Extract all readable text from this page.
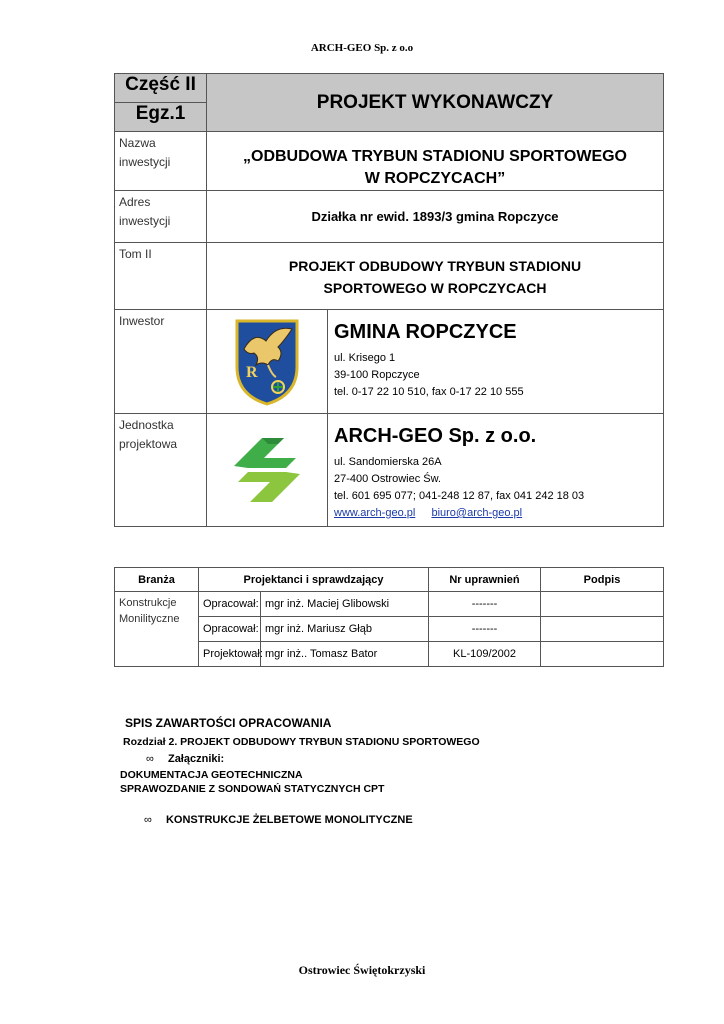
ARCH-GEO Sp. z o.o
Część II	PROJEKT WYKONAWCZY
Egz.1	
Nazwa inwestycji	„ODBUDOWA TRYBUN STADIONU SPORTOWEGO
W ROPCZYCACH”

Adres inwestycji	Działka nr ewid. 1893/3 gmina Ropczyce
Tom II	PROJEKT ODBUDOWY TRYBUN STADIONU
SPORTOWEGO W ROPCZYCACH

Inwestor	R
GMINA ROPCZYCE
ul. Krisego 1
39-100 Ropczyce
tel. 0-17 22 10 510, fax 0-17 22 10 555

Jednostka projektowa	ARCH-GEO Sp. z o.o.
ul. Sandomierska 26A
27-400 Ostrowiec Św.
tel. 601 695 077; 041-248 12 87, fax 041 242 18 03
www.arch-geo.pl biuro@arch-geo.pl
Branża	Projektanci i sprawdzający		Nr uprawnień	Podpis
Konstrukcje Monilityczne	Opracował:	mgr inż. Maciej Glibowski	-------	
	Opracował:	mgr inż. Mariusz Głąb	-------	
	Projektował:	mgr inż.. Tomasz Bator	KL-109/2002	
SPIS ZAWARTOŚCI OPRACOWANIA
Rozdział 2. PROJEKT ODBUDOWY TRYBUN STADIONU SPORTOWEGO
∞ Załączniki:
DOKUMENTACJA GEOTECHNICZNA
SPRAWOZDANIE Z SONDOWAŃ STATYCZNYCH CPT
∞ KONSTRUKCJE ŻELBETOWE MONOLITYCZNE
Ostrowiec Świętokrzyski
